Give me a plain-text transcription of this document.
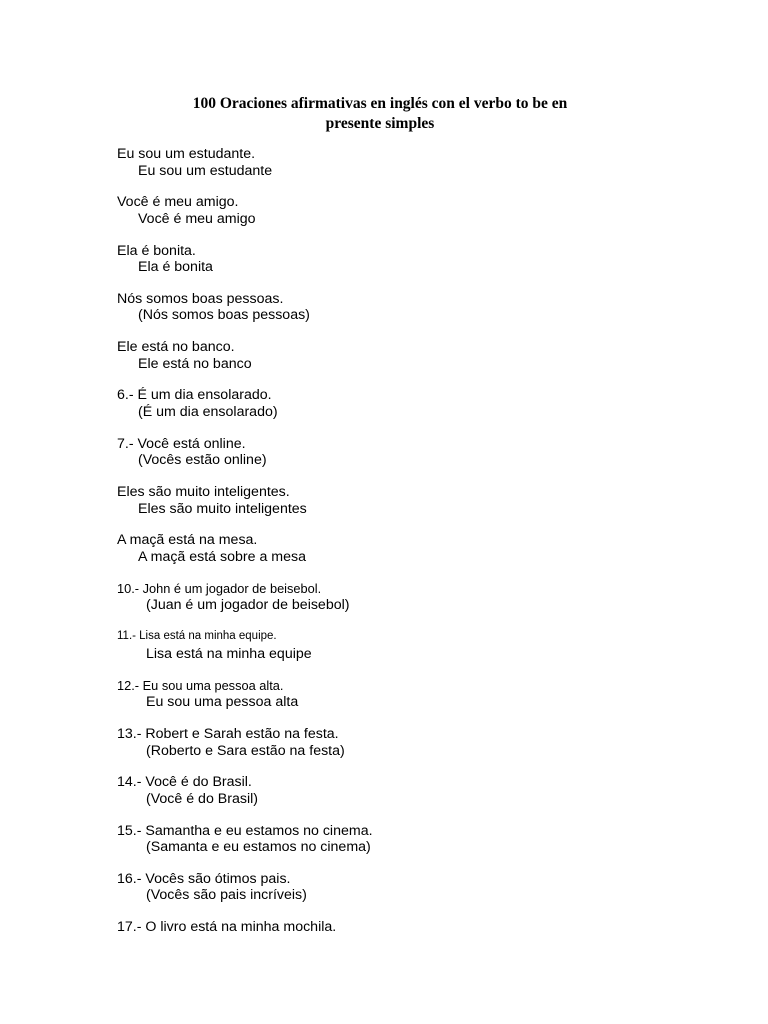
100 Oraciones afirmativas en inglés con el verbo to be en
presente simples
Eu sou um estudante.
Eu sou um estudante
Você é meu amigo.
Você é meu amigo
Ela é bonita.
Ela é bonita
Nós somos boas pessoas.
(Nós somos boas pessoas)
Ele está no banco.
Ele está no banco
6.- É um dia ensolarado.
(É um dia ensolarado)
7.- Você está online.
(Vocês estão online)
Eles são muito inteligentes.
Eles são muito inteligentes
A maçã está na mesa.
A maçã está sobre a mesa
10.- John é um jogador de beisebol.
(Juan é um jogador de beisebol)
11.- Lisa está na minha equipe.
Lisa está na minha equipe
12.- Eu sou uma pessoa alta.
Eu sou uma pessoa alta
13.- Robert e Sarah estão na festa.
(Roberto e Sara estão na festa)
14.- Você é do Brasil.
(Você é do Brasil)
15.- Samantha e eu estamos no cinema.
(Samanta e eu estamos no cinema)
16.- Vocês são ótimos pais.
(Vocês são pais incríveis)
17.- O livro está na minha mochila.
